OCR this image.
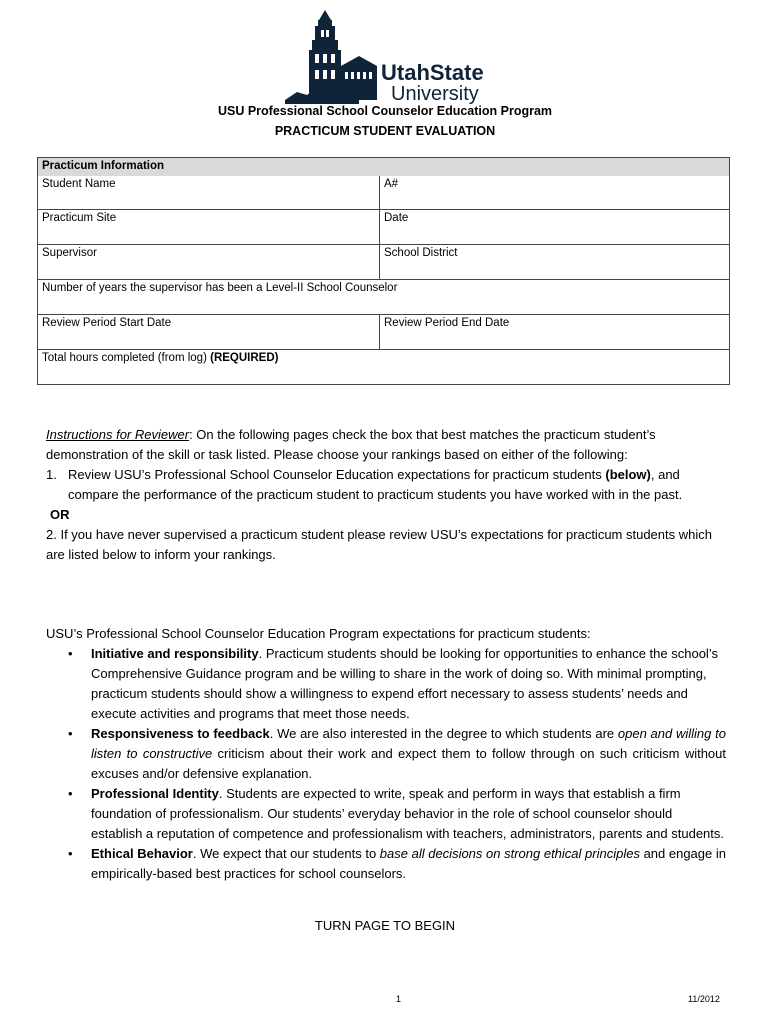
UtahState
University
USU Professional School Counselor Education Program
PRACTICUM STUDENT EVALUATION
Practicum Information	
Student Name	A#
Practicum Site	Date
Supervisor	School District
Number of years the supervisor has been a Level-II School Counselor	
Review Period Start Date	Review Period End Date
Total hours completed (from log) (REQUIRED)	

Instructions for Reviewer: On the following pages check the box that best matches the practicum student’s demonstration of the skill or task listed. Please choose your rankings based on either of the following:

1. Review USU’s Professional School Counselor Education expectations for practicum students (below), and compare the performance of the practicum student to practicum students you have worked with in the past.
OR

2. If you have never supervised a practicum student please review USU’s expectations for practicum students which are listed below to inform your rankings.

USU’s Professional School Counselor Education Program expectations for practicum students:
• Initiative and responsibility. Practicum students should be looking for opportunities to enhance the school’s Comprehensive Guidance program and be willing to share in the work of doing so. With minimal prompting, practicum students should show a willingness to expend effort necessary to assess students’ needs and execute activities and programs that meet those needs.
• Responsiveness to feedback. We are also interested in the degree to which students are open and willing to listen to constructive criticism about their work and expect them to follow through on such criticism without excuses and/or defensive explanation.
• Professional Identity. Students are expected to write, speak and perform in ways that establish a firm foundation of professionalism. Our students’ everyday behavior in the role of school counselor should establish a reputation of competence and professionalism with teachers, administrators, parents and students.
• Ethical Behavior. We expect that our students to base all decisions on strong ethical principles and engage in empirically-based best practices for school counselors.
TURN PAGE TO BEGIN
1	11/2012
